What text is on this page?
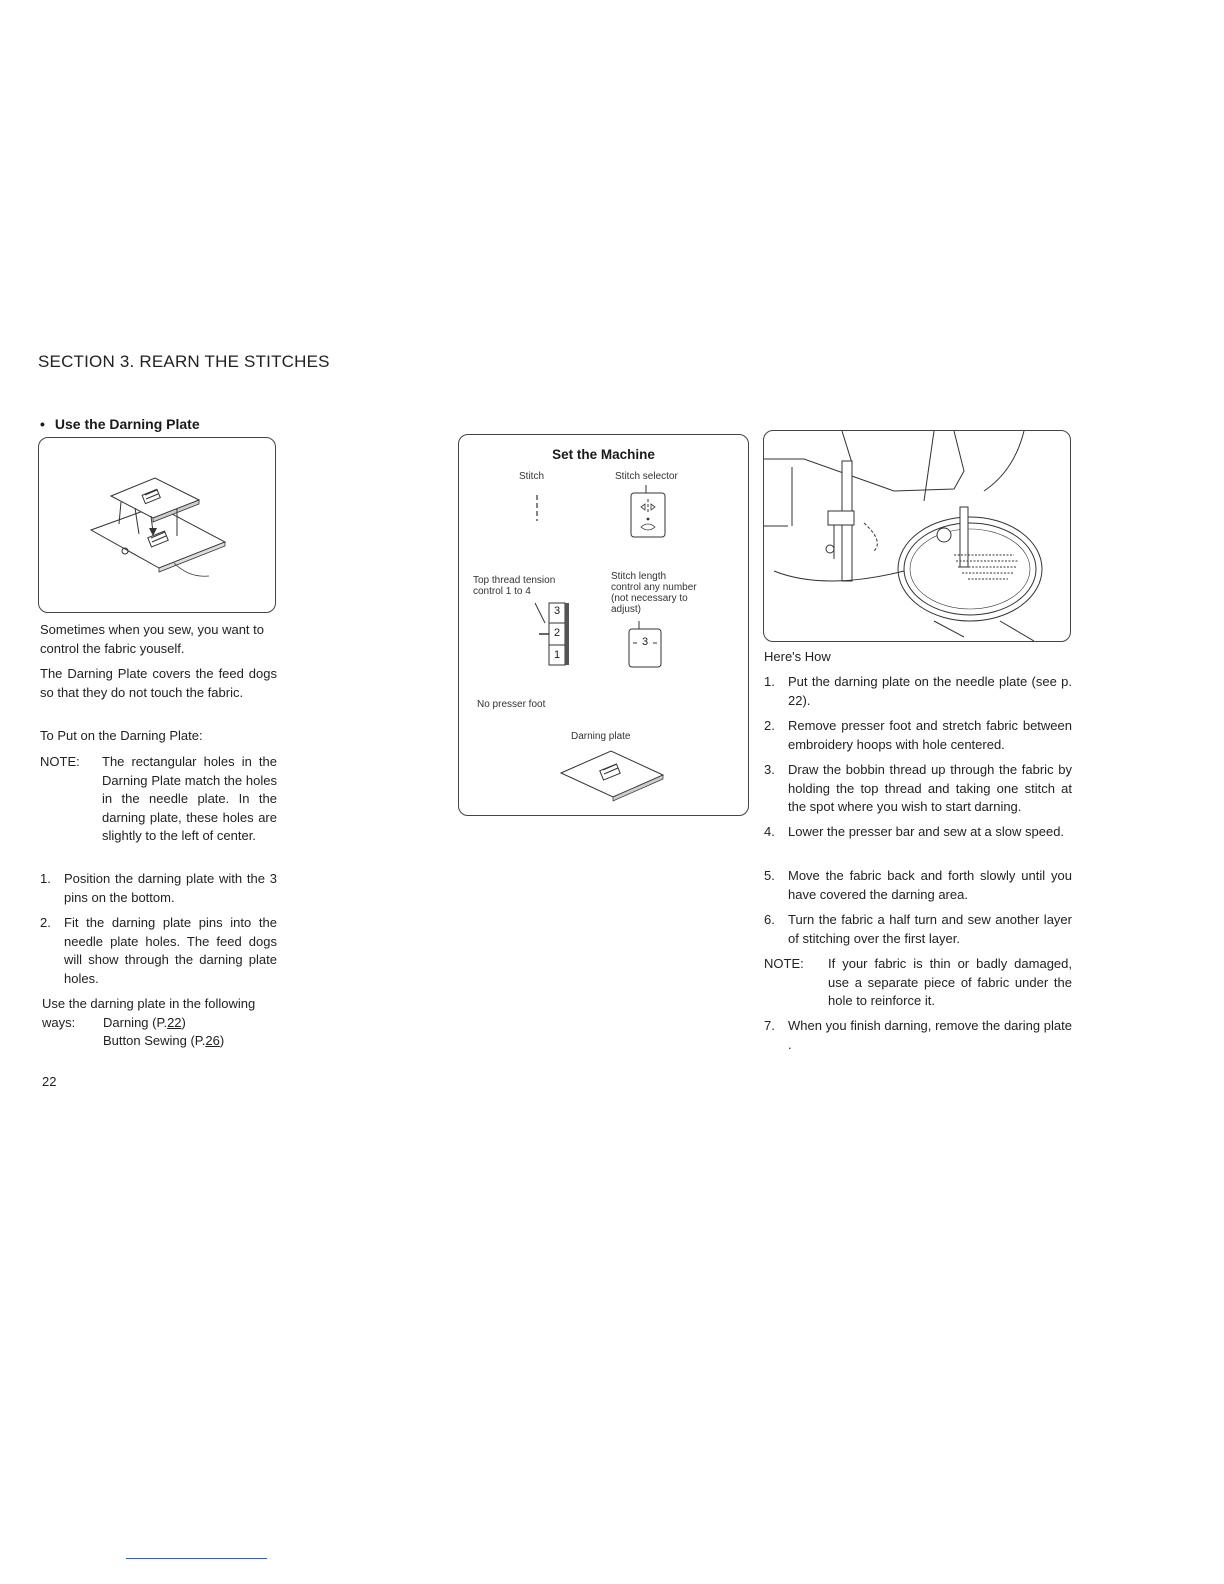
SECTION 3. REARN THE STITCHES
• Use the Darning Plate
Sometimes when you sew, you want to control the fabric youself.
The Darning Plate covers the feed dogs so that they do not touch the fabric.
To Put on the Darning Plate:
NOTE: The rectangular holes in the Darning Plate match the holes in the needle plate. In the darning plate, these holes are slightly to the left of center.
1. Position the darning plate with the 3 pins on the bottom.
2. Fit the darning plate pins into the needle plate holes. The feed dogs will show through the darning plate holes.
Use the darning plate in the following
ways: Darning (P.22)
Button Sewing (P.26)
22
Set the Machine
Stitch	Stitch selector
Top thread tension
control 1 to 4
Stitch length
control any number
(not necessary to
adjust)
3
2
1
3
No presser foot
Darning plate
Here's How
1. Put the darning plate on the needle plate (see p. 22).
2. Remove presser foot and stretch fabric between embroidery hoops with hole centered.
3. Draw the bobbin thread up through the fabric by holding the top thread and taking one stitch at the spot where you wish to start darning.
4. Lower the presser bar and sew at a slow speed.
5. Move the fabric back and forth slowly until you have covered the darning area.
6. Turn the fabric a half turn and sew another layer of stitching over the first layer.
NOTE: If your fabric is thin or badly damaged, use a separate piece of fabric under the hole to reinforce it.
7. When you finish darning, remove the daring plate .
